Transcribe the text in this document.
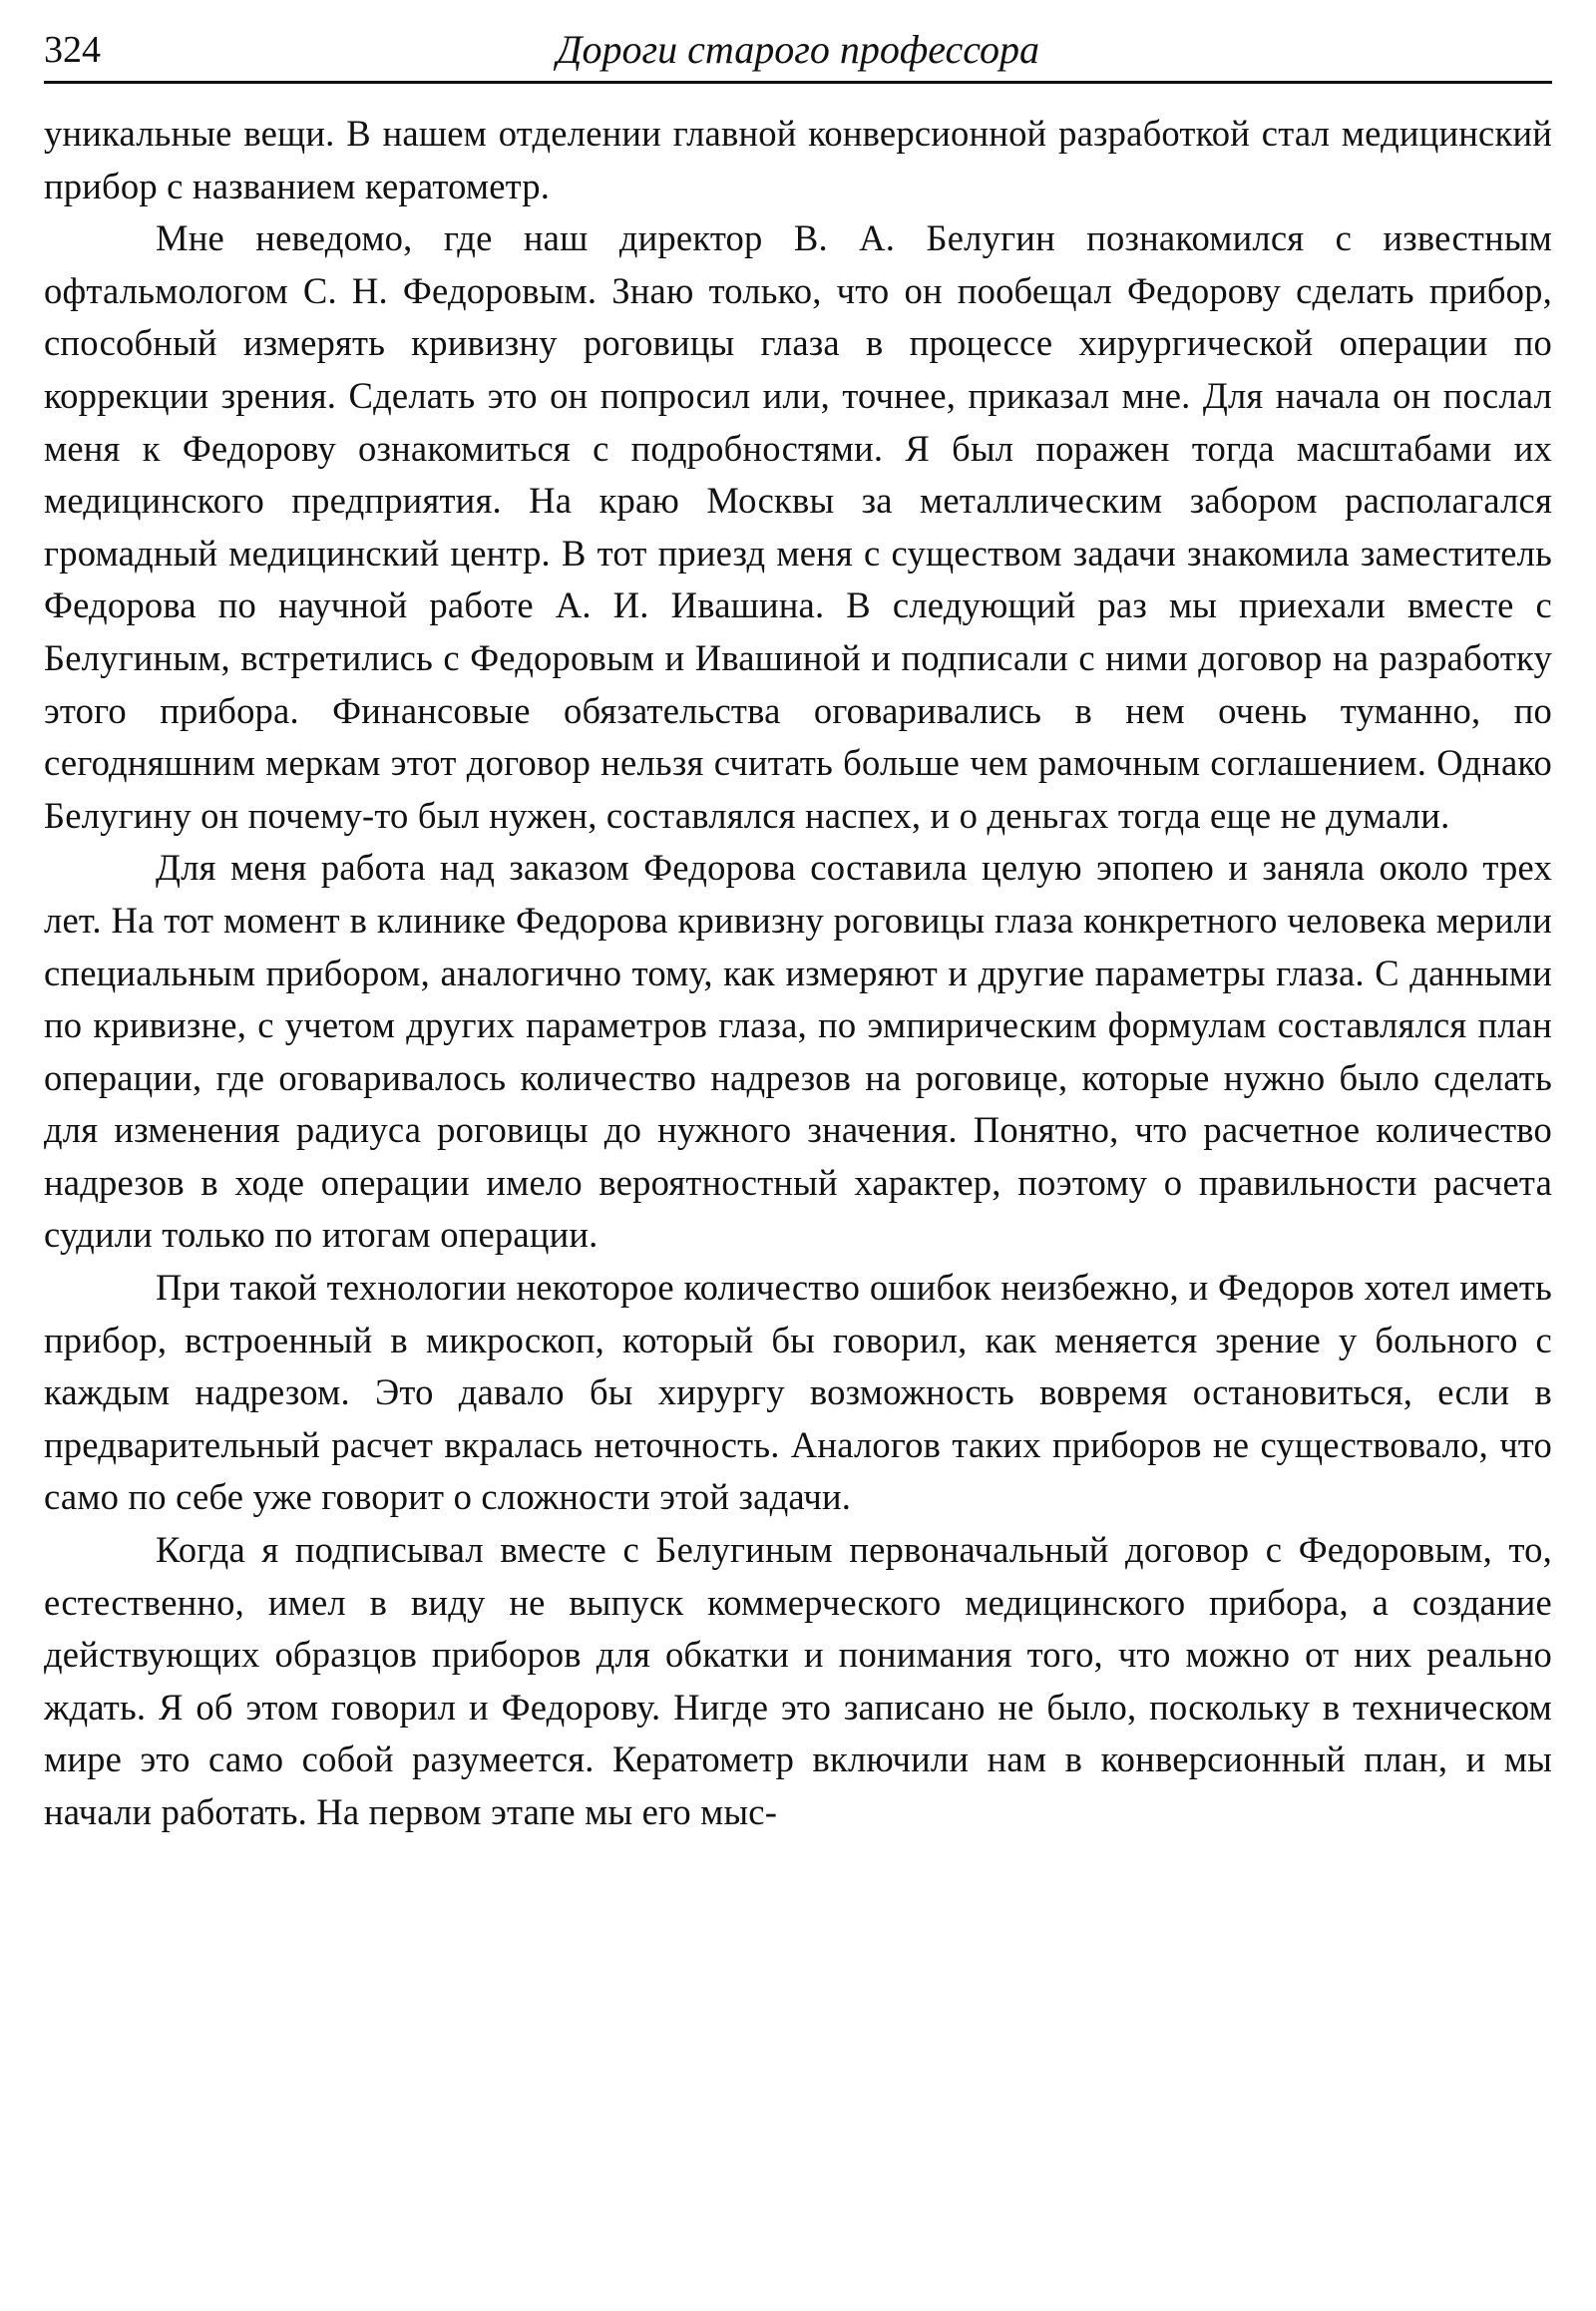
324	Дороги старого профессора

уникальные вещи. В нашем отделении главной конверсионной разработкой стал медицинский прибор с названием кератометр.

Мне неведомо, где наш директор В. А. Белугин познакомился с известным офтальмологом С. Н. Федоровым. Знаю только, что он пообещал Федорову сделать прибор, способный измерять кривизну роговицы глаза в процессе хирургической операции по коррекции зрения. Сделать это он попросил или, точнее, приказал мне. Для начала он послал меня к Федорову ознакомиться с подробностями. Я был поражен тогда масштабами их медицинского предприятия. На краю Москвы за металлическим забором располагался громадный медицинский центр. В тот приезд меня с существом задачи знакомила заместитель Федорова по научной работе А. И. Ивашина. В следующий раз мы приехали вместе с Белугиным, встретились с Федоровым и Ивашиной и подписали с ними договор на разработку этого прибора. Финансовые обязательства оговаривались в нем очень туманно, по сегодняшним меркам этот договор нельзя считать больше чем рамочным соглашением. Однако Белугину он почему-то был нужен, составлялся наспех, и о деньгах тогда еще не думали.

Для меня работа над заказом Федорова составила целую эпопею и заняла около трех лет. На тот момент в клинике Федорова кривизну роговицы глаза конкретного человека мерили специальным прибором, аналогично тому, как измеряют и другие параметры глаза. С данными по кривизне, с учетом других параметров глаза, по эмпирическим формулам составлялся план операции, где оговаривалось количество надрезов на роговице, которые нужно было сделать для изменения радиуса роговицы до нужного значения. Понятно, что расчетное количество надрезов в ходе операции имело вероятностный характер, поэтому о правильности расчета судили только по итогам операции.

При такой технологии некоторое количество ошибок неизбежно, и Федоров хотел иметь прибор, встроенный в микроскоп, который бы говорил, как меняется зрение у больного с каждым надрезом. Это давало бы хирургу возможность вовремя остановиться, если в предварительный расчет вкралась неточность. Аналогов таких приборов не существовало, что само по себе уже говорит о сложности этой задачи.

Когда я подписывал вместе с Белугиным первоначальный договор с Федоровым, то, естественно, имел в виду не выпуск коммерческого медицинского прибора, а создание действующих образцов приборов для обкатки и понимания того, что можно от них реально ждать. Я об этом говорил и Федорову. Нигде это записано не было, поскольку в техническом мире это само собой разумеется. Кератометр включили нам в конверсионный план, и мы начали работать. На первом этапе мы его мыс-
